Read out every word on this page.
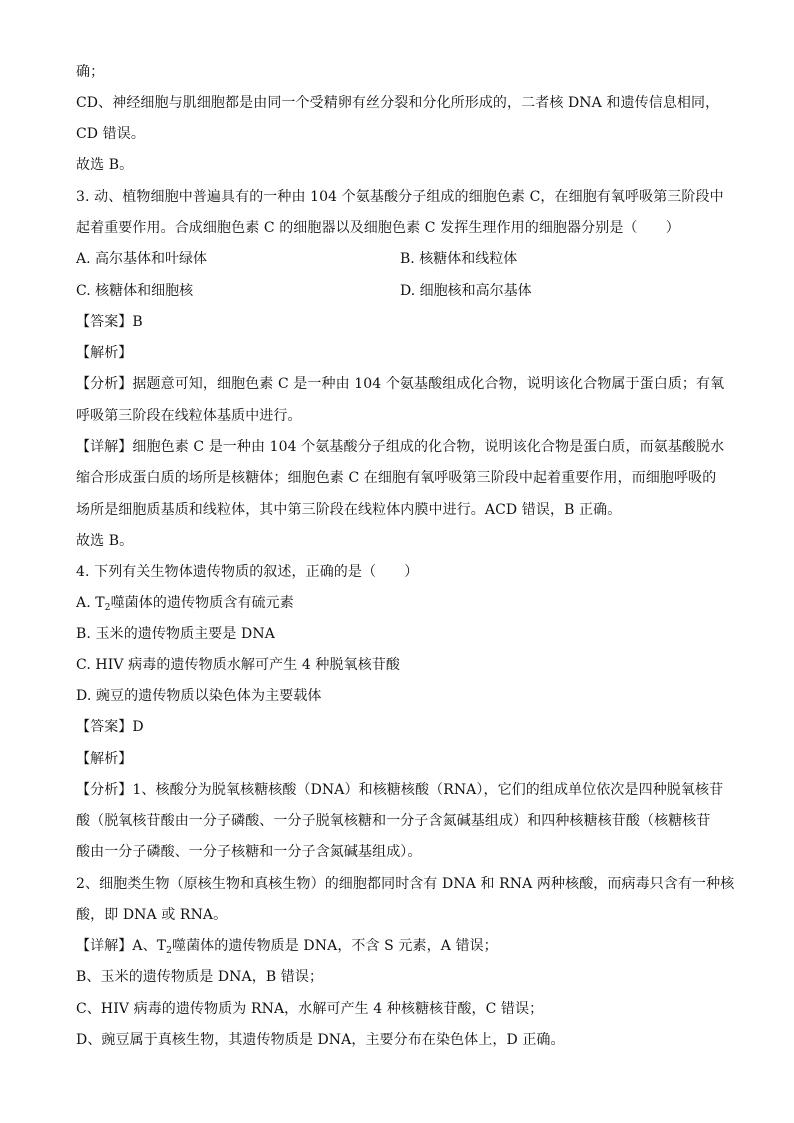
确；
CD、神经细胞与肌细胞都是由同一个受精卵有丝分裂和分化所形成的，二者核 DNA 和遗传信息相同，
CD 错误。
故选 B。
3. 动、植物细胞中普遍具有的一种由 104 个氨基酸分子组成的细胞色素 C，在细胞有氧呼吸第三阶段中
起着重要作用。合成细胞色素 C 的细胞器以及细胞色素 C 发挥生理作用的细胞器分别是（　　）
A. 高尔基体和叶绿体	B. 核糖体和线粒体
C. 核糖体和细胞核	D. 细胞核和高尔基体
【答案】B
【解析】
【分析】据题意可知，细胞色素 C 是一种由 104 个氨基酸组成化合物，说明该化合物属于蛋白质；有氧
呼吸第三阶段在线粒体基质中进行。
【详解】细胞色素 C 是一种由 104 个氨基酸分子组成的化合物，说明该化合物是蛋白质，而氨基酸脱水
缩合形成蛋白质的场所是核糖体；细胞色素 C 在细胞有氧呼吸第三阶段中起着重要作用，而细胞呼吸的
场所是细胞质基质和线粒体，其中第三阶段在线粒体内膜中进行。ACD 错误，B 正确。
故选 B。
4. 下列有关生物体遗传物质的叙述，正确的是（　　）
A. $T_2$噬菌体的遗传物质含有硫元素
B. 玉米的遗传物质主要是 DNA
C. HIV 病毒的遗传物质水解可产生 4 种脱氧核苷酸
D. 豌豆的遗传物质以染色体为主要载体
【答案】D
【解析】
【分析】1、核酸分为脱氧核糖核酸（DNA）和核糖核酸（RNA），它们的组成单位依次是四种脱氧核苷
酸（脱氧核苷酸由一分子磷酸、一分子脱氧核糖和一分子含氮碱基组成）和四种核糖核苷酸（核糖核苷
酸由一分子磷酸、一分子核糖和一分子含氮碱基组成）。
2、细胞类生物（原核生物和真核生物）的细胞都同时含有 DNA 和 RNA 两种核酸，而病毒只含有一种核
酸，即 DNA 或 RNA。
【详解】A、$T_2$噬菌体的遗传物质是 DNA，不含 S 元素，A 错误；
B、玉米的遗传物质是 DNA，B 错误；
C、HIV 病毒的遗传物质为 RNA，水解可产生 4 种核糖核苷酸，C 错误；
D、豌豆属于真核生物，其遗传物质是 DNA，主要分布在染色体上，D 正确。
